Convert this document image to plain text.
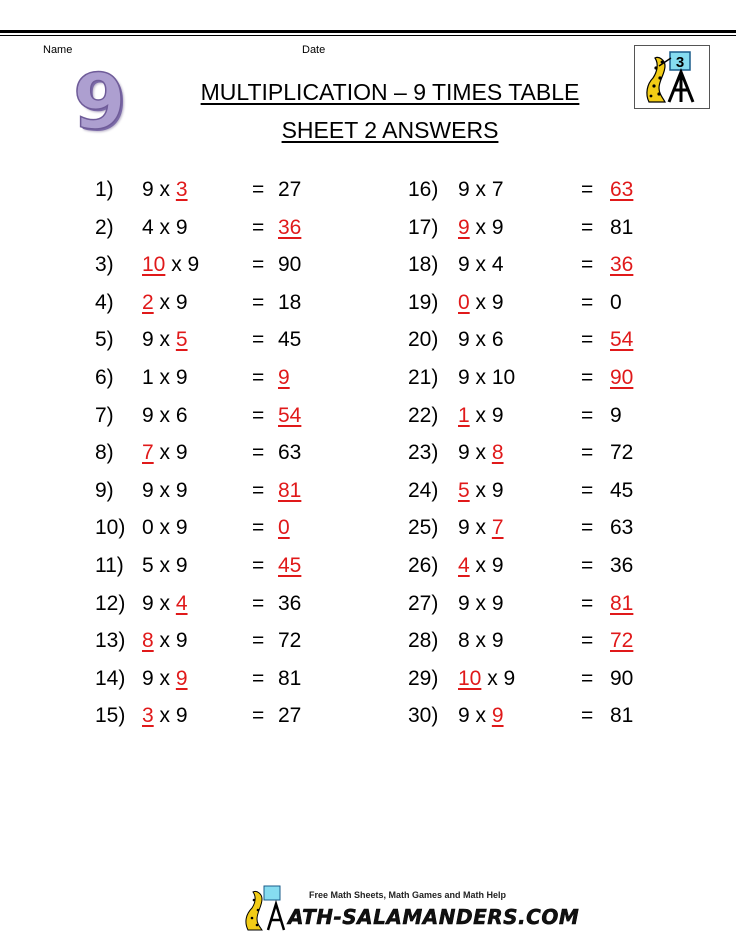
Name	Date
9	MULTIPLICATION – 9 TIMES TABLE
SHEET 2 ANSWERS
3
1) 9 x 3	= 27
2) 4 x 9	= 36
3) 10 x 9	= 90
4) 2 x 9	= 18
5) 9 x 5	= 45
6) 1 x 9	= 9
7) 9 x 6	= 54
8) 7 x 9	= 63
9) 9 x 9	= 81
10) 0 x 9	= 0
11) 5 x 9	= 45
12) 9 x 4	= 36
13) 8 x 9	= 72
14) 9 x 9	= 81
15) 3 x 9	= 27
16) 9 x 7	= 63
17) 9 x 9	= 81
18) 9 x 4	= 36
19) 0 x 9	= 0
20) 9 x 6	= 54
21) 9 x 10	= 90
22) 1 x 9	= 9
23) 9 x 8	= 72
24) 5 x 9	= 45
25) 9 x 7	= 63
26) 4 x 9	= 36
27) 9 x 9	= 81
28) 8 x 9	= 72
29) 10 x 9	= 90
30) 9 x 9	= 81
Free Math Sheets, Math Games and Math Help
ATH-SALAMANDERS.COM
